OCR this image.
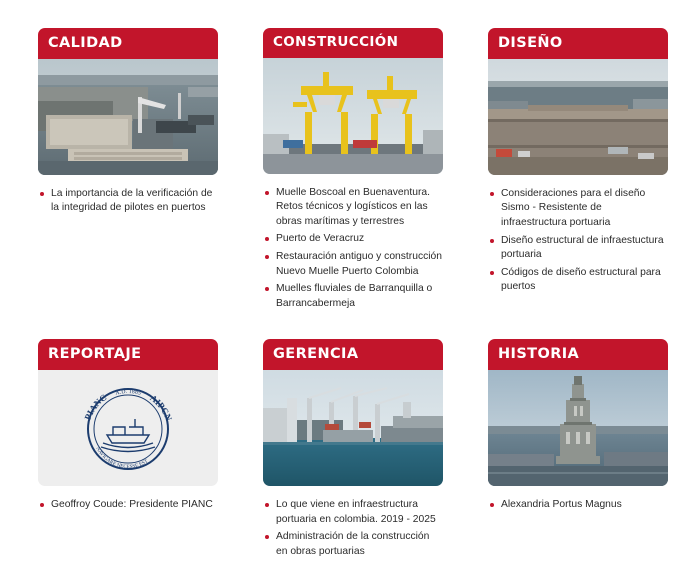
CALIDAD
La importancia de la verificación de la integridad de pilotes en puertos
CONSTRUCCIÓN
Muelle Boscoal en Buenaventura. Retos técnicos y logísticos en las obras marítimas y terrestres
Puerto de Veracruz
Restauración antiguo y construcción Nuevo Muelle Puerto Colombia
Muelles fluviales de Barranquilla o Barrancabermeja
DISEÑO
Consideraciones para el diseño Sismo - Resistente de infraestructura portuaria
Diseño estructural de infraestuctura portuaria
Códigos de diseño estructural para puertos
REPORTAJE
PIANC A.D. 1885 AIPCN
NAVIGARE NECESSE EST
Geoffroy Coude: Presidente PIANC
GERENCIA
Lo que viene en infraestructura portuaria en colombia. 2019 - 2025
Administración de la construcción en obras portuarias
HISTORIA
Alexandria Portus Magnus
